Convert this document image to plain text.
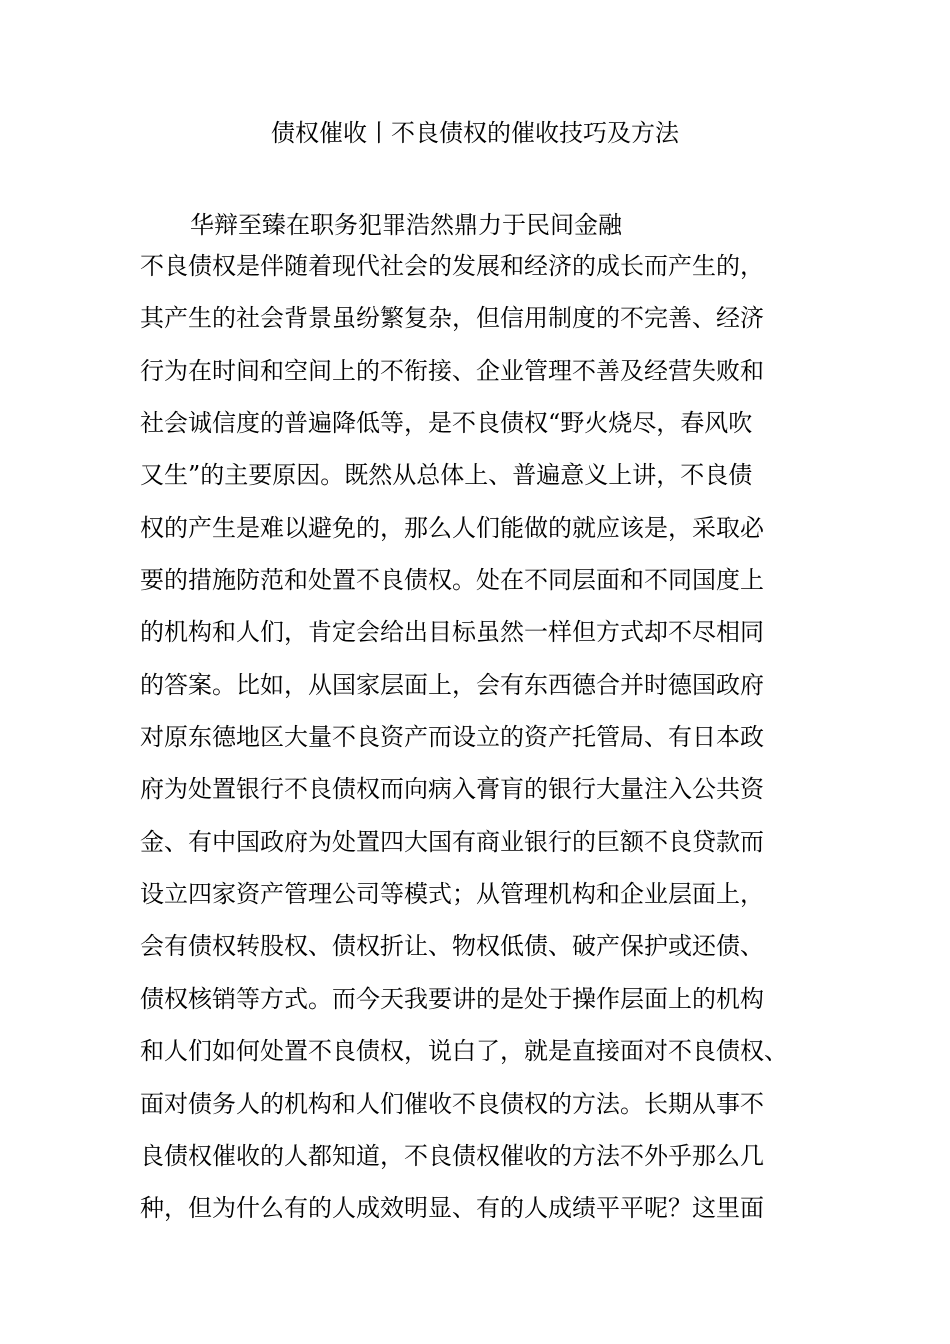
债权催收丨不良债权的催收技巧及方法
华辩至臻在职务犯罪浩然鼎力于民间金融
不良债权是伴随着现代社会的发展和经济的成长而产生的，
其产生的社会背景虽纷繁复杂，但信用制度的不完善、经济
行为在时间和空间上的不衔接、企业管理不善及经营失败和
社会诚信度的普遍降低等，是不良债权“野火烧尽，春风吹
又生”的主要原因。既然从总体上、普遍意义上讲，不良债
权的产生是难以避免的，那么人们能做的就应该是，采取必
要的措施防范和处置不良债权。处在不同层面和不同国度上
的机构和人们，肯定会给出目标虽然一样但方式却不尽相同
的答案。比如，从国家层面上，会有东西德合并时德国政府
对原东德地区大量不良资产而设立的资产托管局、有日本政
府为处置银行不良债权而向病入膏肓的银行大量注入公共资
金、有中国政府为处置四大国有商业银行的巨额不良贷款而
设立四家资产管理公司等模式；从管理机构和企业层面上，
会有债权转股权、债权折让、物权低债、破产保护或还债、
债权核销等方式。而今天我要讲的是处于操作层面上的机构
和人们如何处置不良债权，说白了，就是直接面对不良债权、
面对债务人的机构和人们催收不良债权的方法。长期从事不
良债权催收的人都知道，不良债权催收的方法不外乎那么几
种，但为什么有的人成效明显、有的人成绩平平呢？这里面
